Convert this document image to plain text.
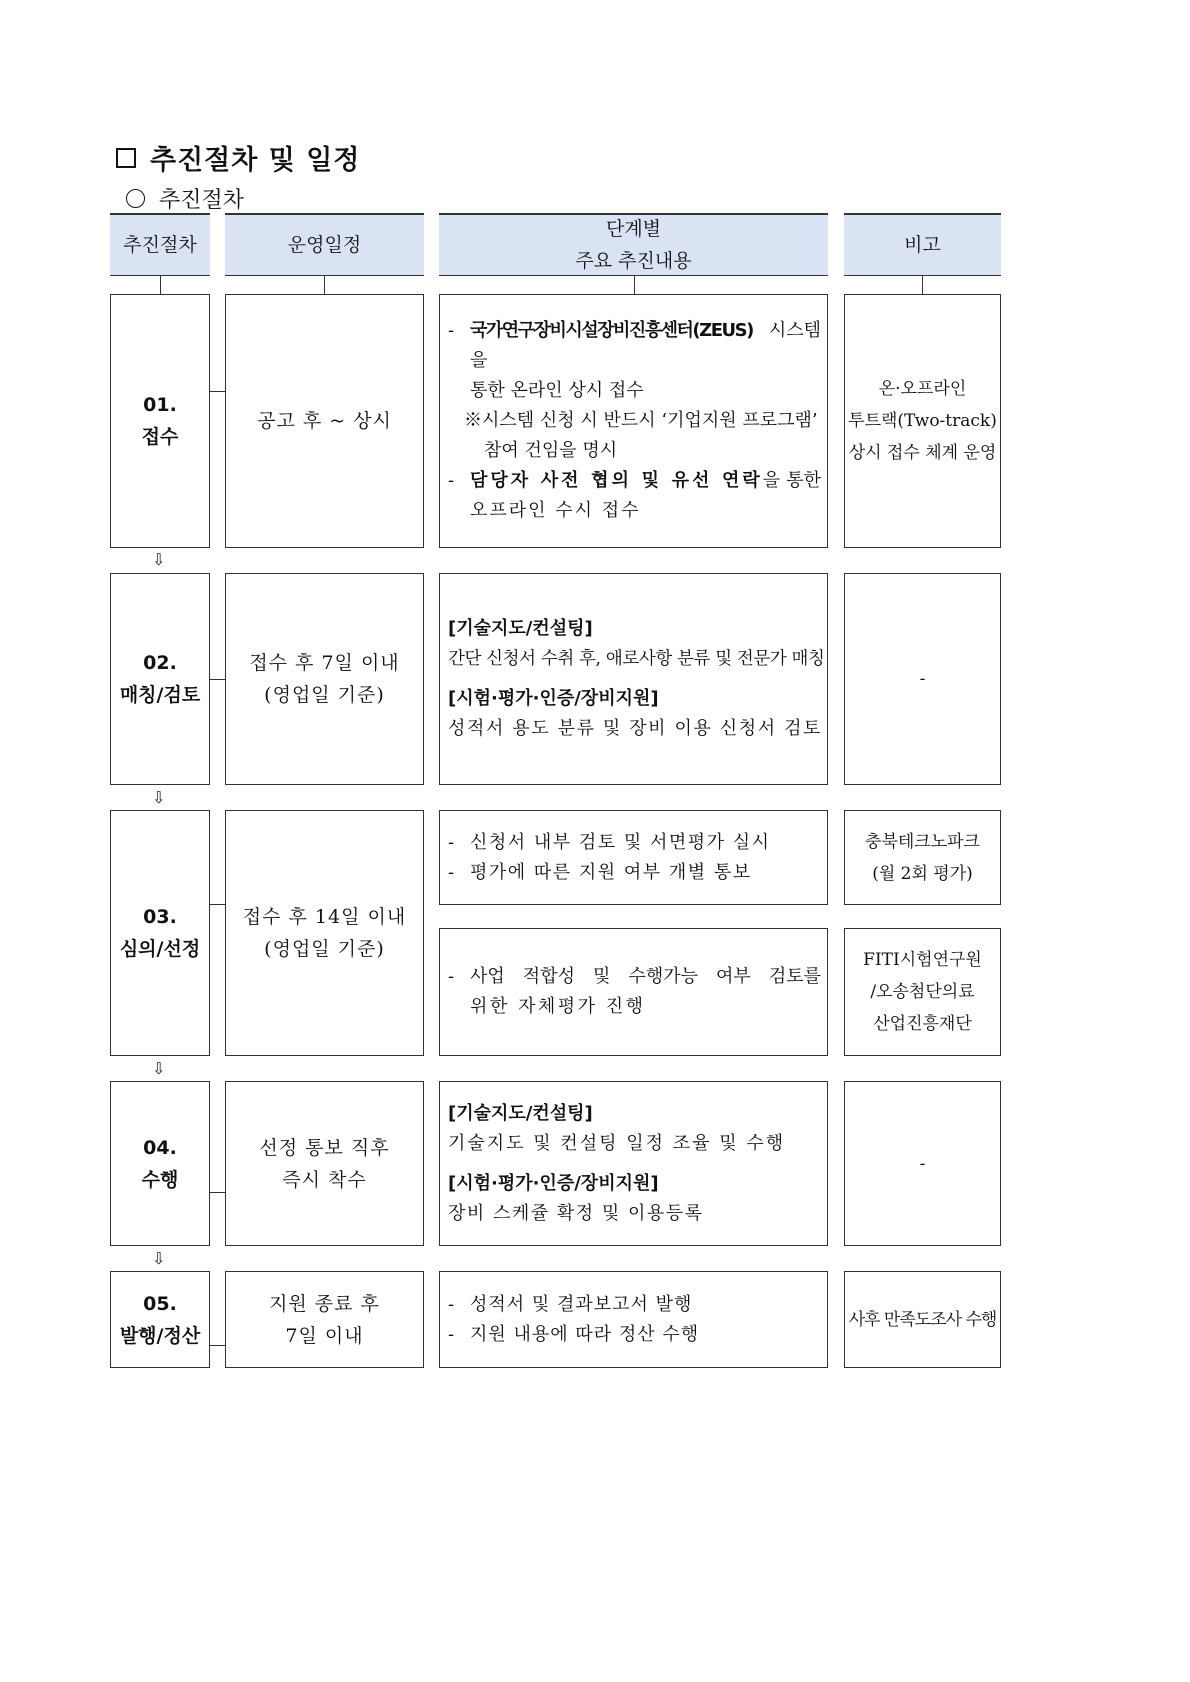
추진절차 및 일정
추진절차
추진절차	운영일정
단계별
주요 추진내용
비고
01.
접수
공고 후 ~ 상시
- 국가연구장비시설장비진흥센터(ZEUS) 시스템을
통한 온라인 상시 접수
※시스템 신청 시 반드시 ‘기업지원 프로그램’
참여 건임을 명시
- 담당자 사전 협의 및 유선 연락을 통한
오프라인 수시 접수
온·오프라인
투트랙(Two-track)
상시 접수 체계 운영
⇩
02.
매칭/검토
접수 후 7일 이내
(영업일 기준)
[기술지도/컨설팅]
간단 신청서 수취 후, 애로사항 분류 및 전문가 매칭
[시험·평가·인증/장비지원]
성적서 용도 분류 및 장비 이용 신청서 검토
-
⇩
03.
심의/선정
접수 후 14일 이내
(영업일 기준)
- 신청서 내부 검토 및 서면평가 실시
- 평가에 따른 지원 여부 개별 통보
충북테크노파크
(월 2회 평가)
- 사업 적합성 및 수행가능 여부 검토를
위한 자체평가 진행
FITI시험연구원
/오송첨단의료
산업진흥재단
⇩
04.
수행
선정 통보 직후
즉시 착수
[기술지도/컨설팅]
기술지도 및 컨설팅 일정 조율 및 수행
[시험·평가·인증/장비지원]
장비 스케쥴 확정 및 이용등록
-
⇩
05.
발행/정산
지원 종료 후
7일 이내
- 성적서 및 결과보고서 발행
- 지원 내용에 따라 정산 수행
사후 만족도조사 수행
